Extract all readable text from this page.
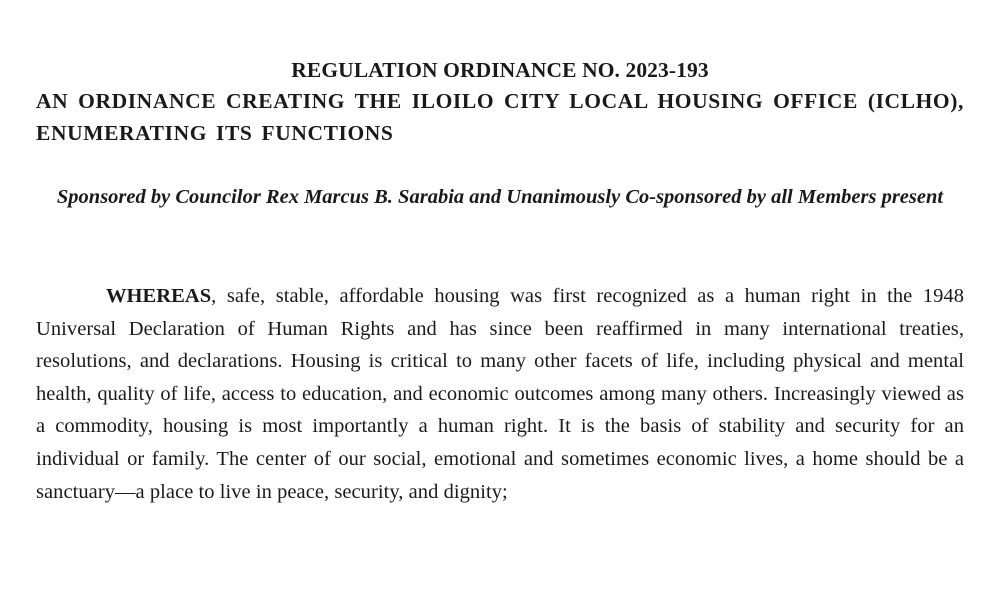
REGULATION ORDINANCE NO. 2023-193
AN ORDINANCE CREATING THE ILOILO CITY LOCAL HOUSING OFFICE (ICLHO), ENUMERATING ITS FUNCTIONS
Sponsored by Councilor Rex Marcus B. Sarabia and Unanimously Co-sponsored by all Members present
WHEREAS, safe, stable, affordable housing was first recognized as a human right in the 1948 Universal Declaration of Human Rights and has since been reaffirmed in many international treaties, resolutions, and declarations. Housing is critical to many other facets of life, including physical and mental health, quality of life, access to education, and economic outcomes among many others. Increasingly viewed as a commodity, housing is most importantly a human right. It is the basis of stability and security for an individual or family. The center of our social, emotional and sometimes economic lives, a home should be a sanctuary—a place to live in peace, security, and dignity;
